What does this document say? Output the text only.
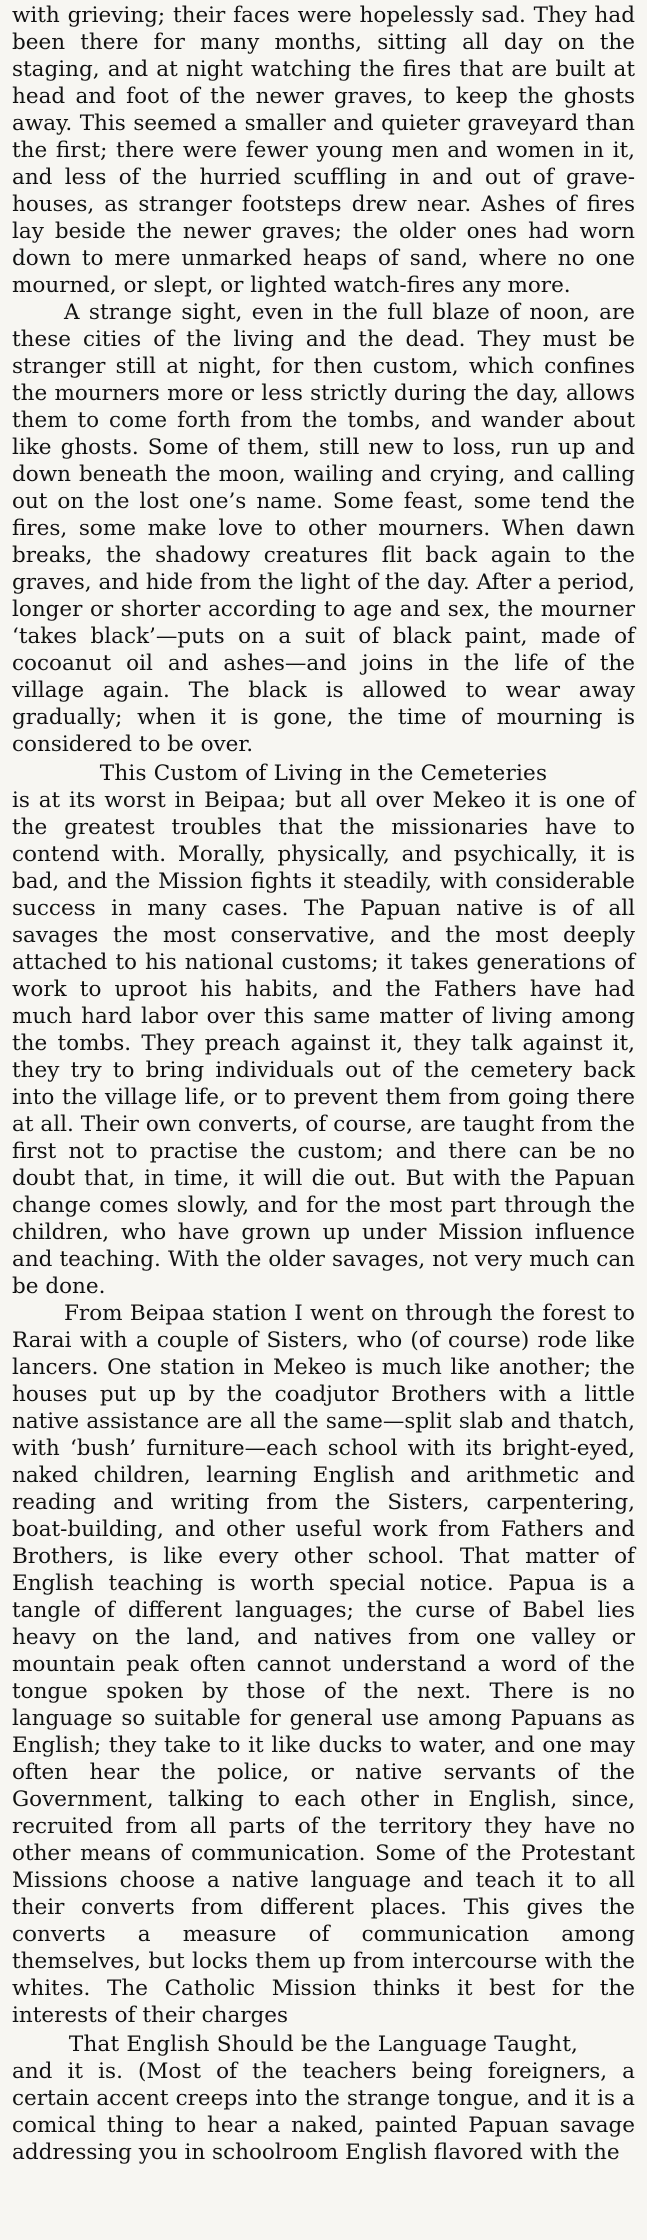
with grieving; their faces were hopelessly sad. They had been there for many months, sitting all day on the staging, and at night watching the fires that are built at head and foot of the newer graves, to keep the ghosts away. This seemed a smaller and quieter graveyard than the first; there were fewer young men and women in it, and less of the hurried scuffling in and out of grave-houses, as stranger footsteps drew near. Ashes of fires lay beside the newer graves; the older ones had worn down to mere unmarked heaps of sand, where no one mourned, or slept, or lighted watch-fires any more.

A strange sight, even in the full blaze of noon, are these cities of the living and the dead. They must be stranger still at night, for then custom, which confines the mourners more or less strictly during the day, allows them to come forth from the tombs, and wander about like ghosts. Some of them, still new to loss, run up and down beneath the moon, wailing and crying, and calling out on the lost one’s name. Some feast, some tend the fires, some make love to other mourners. When dawn breaks, the shadowy creatures flit back again to the graves, and hide from the light of the day. After a period, longer or shorter according to age and sex, the mourner ‘takes black’—puts on a suit of black paint, made of cocoanut oil and ashes—and joins in the life of the village again. The black is allowed to wear away gradually; when it is gone, the time of mourning is considered to be over.

This Custom of Living in the Cemeteries

is at its worst in Beipaa; but all over Mekeo it is one of the greatest troubles that the missionaries have to contend with. Morally, physically, and psychically, it is bad, and the Mission fights it steadily, with considerable success in many cases. The Papuan native is of all savages the most conservative, and the most deeply attached to his national customs; it takes generations of work to uproot his habits, and the Fathers have had much hard labor over this same matter of living among the tombs. They preach against it, they talk against it, they try to bring individuals out of the cemetery back into the village life, or to prevent them from going there at all. Their own converts, of course, are taught from the first not to practise the custom; and there can be no doubt that, in time, it will die out. But with the Papuan change comes slowly, and for the most part through the children, who have grown up under Mission influence and teaching. With the older savages, not very much can be done.

From Beipaa station I went on through the forest to Rarai with a couple of Sisters, who (of course) rode like lancers. One station in Mekeo is much like another; the houses put up by the coadjutor Brothers with a little native assistance are all the same—split slab and thatch, with ‘bush’ furniture—each school with its bright-eyed, naked children, learning English and arithmetic and reading and writing from the Sisters, carpentering, boat-building, and other useful work from Fathers and Brothers, is like every other school. That matter of English teaching is worth special notice. Papua is a tangle of different languages; the curse of Babel lies heavy on the land, and natives from one valley or mountain peak often cannot understand a word of the tongue spoken by those of the next. There is no language so suitable for general use among Papuans as English; they take to it like ducks to water, and one may often hear the police, or native servants of the Government, talking to each other in English, since, recruited from all parts of the territory they have no other means of communication. Some of the Protestant Missions choose a native language and teach it to all their converts from different places. This gives the converts a measure of communication among themselves, but locks them up from intercourse with the whites. The Catholic Mission thinks it best for the interests of their charges

That English Should be the Language Taught,

and it is. (Most of the teachers being foreigners, a certain accent creeps into the strange tongue, and it is a comical thing to hear a naked, painted Papuan savage addressing you in schoolroom English flavored with the
